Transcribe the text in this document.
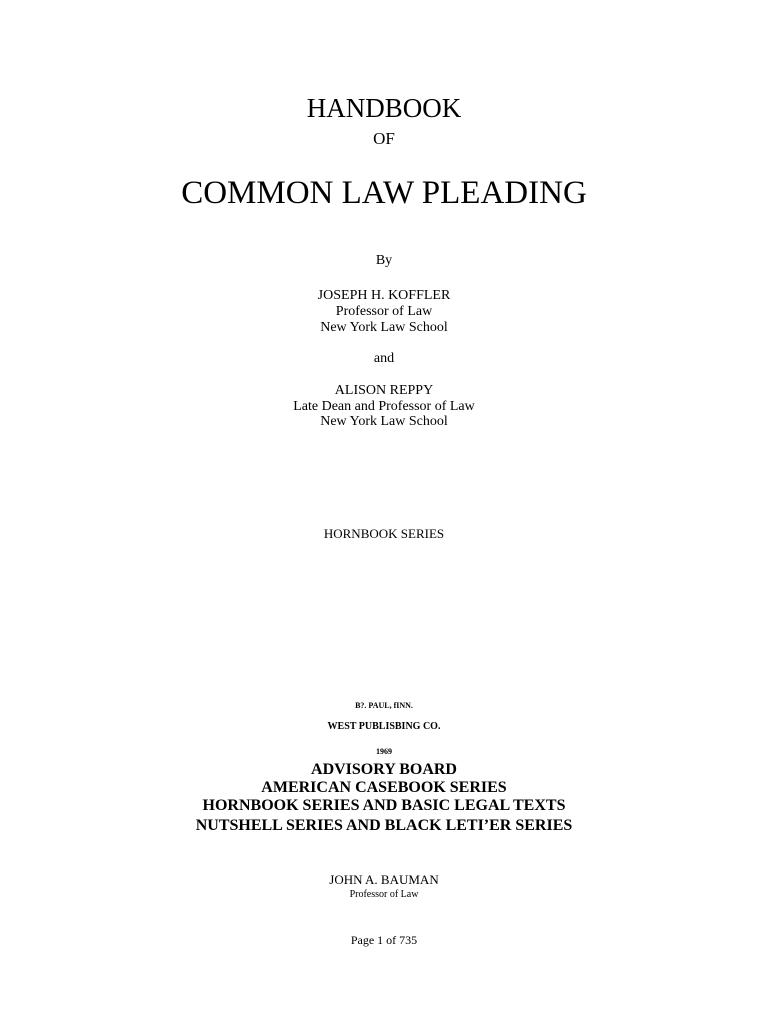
HANDBOOK
OF
COMMON LAW PLEADING
By
JOSEPH H. KOFFLER
Professor of Law
New York Law School
and
ALISON REPPY
Late Dean and Professor of Law
New York Law School
HORNBOOK SERIES
B?. PAUL, fINN.
WEST PUBLISBING CO.
1969
ADVISORY BOARD
AMERICAN CASEBOOK SERIES
HORNBOOK SERIES AND BASIC LEGAL TEXTS
NUTSHELL SERIES AND BLACK LETI’ER SERIES
JOHN A. BAUMAN
Professor of Law
Page 1 of 735
